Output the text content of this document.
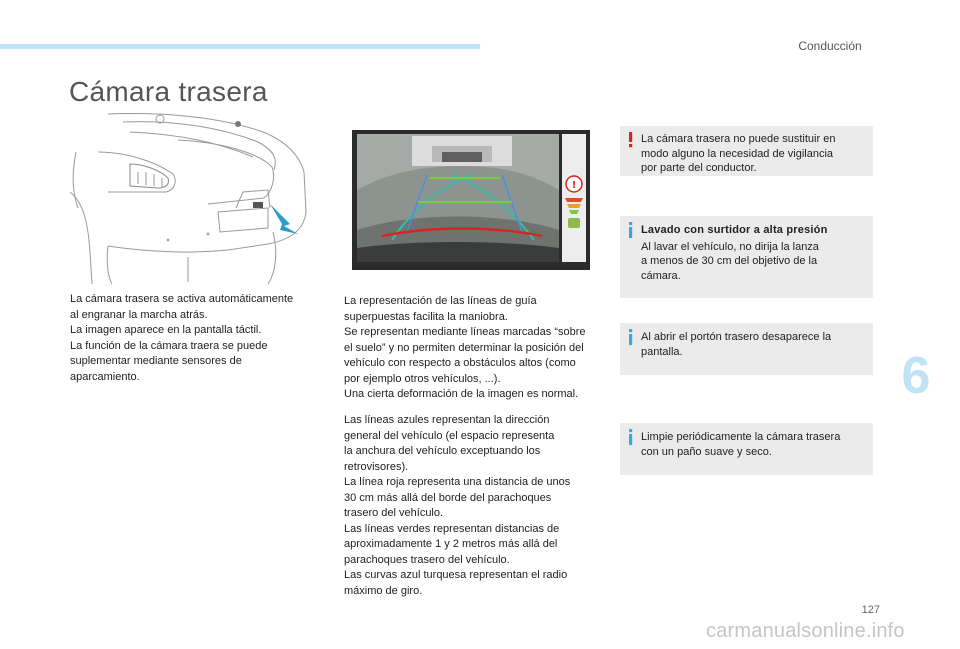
Conducción
Cámara trasera
!

La cámara trasera se activa automáticamente
al engranar la marcha atrás.
La imagen aparece en la pantalla táctil.
La función de la cámara traera se puede
suplementar mediante sensores de
aparcamiento.

La representación de las líneas de guía
superpuestas facilita la maniobra.
Se representan mediante líneas marcadas “sobre
el suelo” y no permiten determinar la posición del
vehículo con respecto a obstáculos altos (como
por ejemplo otros vehículos, ...).
Una cierta deformación de la imagen es normal.

Las líneas azules representan la dirección
general del vehículo (el espacio representa
la anchura del vehículo exceptuando los
retrovisores).
La línea roja representa una distancia de unos
30 cm más allá del borde del parachoques
trasero del vehículo.
Las líneas verdes representan distancias de
aproximadamente 1 y 2 metros más allá del
parachoques trasero del vehículo.
Las curvas azul turquesa representan el radio
máximo de giro.

La cámara trasera no puede sustituir en
modo alguno la necesidad de vigilancia
por parte del conductor.
Lavado con surtidor a alta presión
Al lavar el vehículo, no dirija la lanza
a menos de 30 cm del objetivo de la
cámara.
Al abrir el portón trasero desaparece la
pantalla.
Limpie periódicamente la cámara trasera
con un paño suave y seco.
6
127
carmanualsonline.info
